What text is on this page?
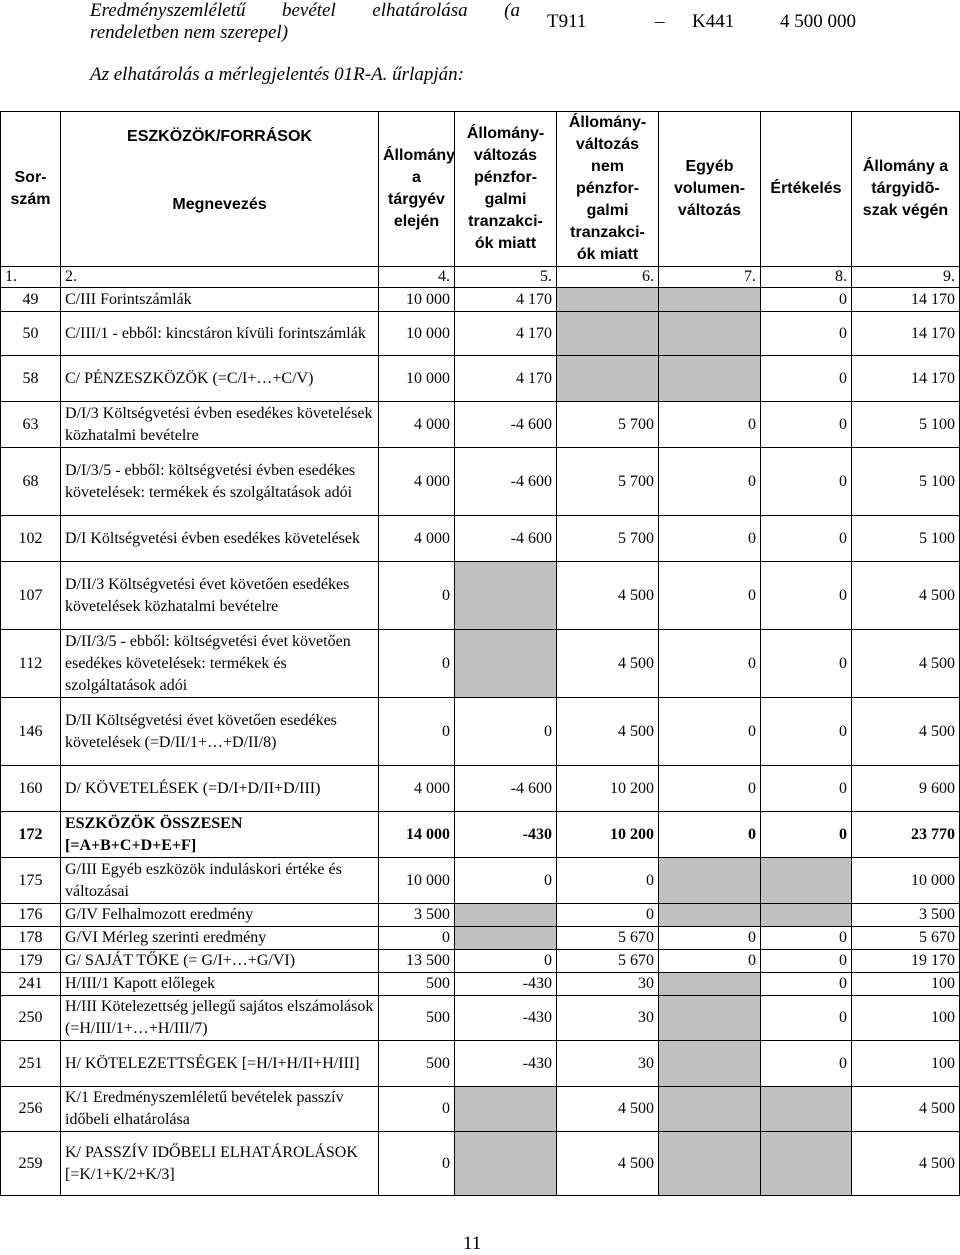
Eredményszemléletű bevétel elhatárolása (a
rendeletben nem szerepel)
T911	– K441 4 500 000
Az elhatárolás a mérlegjelentés 01R-A. űrlapján:
Sor-szám	ESZKÖZÖK/FORRÁSOK
Megnevezés	Állomány a tárgyév elején	Állomány-változás pénzfor-galmi tranzakci-ók miatt	Állomány-változás nem pénzfor-galmi tranzakci-ók miatt	Egyéb volumen-változás	Értékelés	Állomány a tárgyidõ-szak végén
1.	2.	4.	5.	6.	7.	8.	9.
49	C/III Forintszámlák	10 000	4 170			0	14 170
50	C/III/1 - ebből: kincstáron kívüli forintszámlák	10 000	4 170			0	14 170
58	C/ PÉNZESZKÖZÖK (=C/I+…+C/V)	10 000	4 170			0	14 170
63	D/I/3 Költségvetési évben esedékes követelések közhatalmi bevételre	4 000	-4 600	5 700	0	0	5 100
68	D/I/3/5 - ebből: költségvetési évben esedékes követelések: termékek és szolgáltatások adói	4 000	-4 600	5 700	0	0	5 100
102	D/I Költségvetési évben esedékes követelések	4 000	-4 600	5 700	0	0	5 100
107	D/II/3 Költségvetési évet követően esedékes követelések közhatalmi bevételre	0		4 500	0	0	4 500
112	D/II/3/5 - ebből: költségvetési évet követően esedékes követelések: termékek és szolgáltatások adói	0		4 500	0	0	4 500
146	D/II Költségvetési évet követően esedékes követelések (=D/II/1+…+D/II/8)	0	0	4 500	0	0	4 500
160	D/ KÖVETELÉSEK (=D/I+D/II+D/III)	4 000	-4 600	10 200	0	0	9 600
172	ESZKÖZÖK ÖSSZESEN [=A+B+C+D+E+F]	14 000	-430	10 200	0	0	23 770
175	G/III Egyéb eszközök induláskori értéke és változásai	10 000	0	0			10 000
176	G/IV Felhalmozott eredmény	3 500		0			3 500
178	G/VI Mérleg szerinti eredmény	0		5 670	0	0	5 670
179	G/ SAJÁT TŐKE (= G/I+…+G/VI)	13 500	0	5 670	0	0	19 170
241	H/III/1 Kapott előlegek	500	-430	30		0	100
250	H/III Kötelezettség jellegű sajátos elszámolások (=H/III/1+…+H/III/7)	500	-430	30		0	100
251	H/ KÖTELEZETTSÉGEK [=H/I+H/II+H/III]	500	-430	30		0	100
256	K/1 Eredményszemléletű bevételek passzív időbeli elhatárolása	0		4 500			4 500
259	K/ PASSZÍV IDŐBELI ELHATÁROLÁSOK [=K/1+K/2+K/3]	0		4 500			4 500
11
